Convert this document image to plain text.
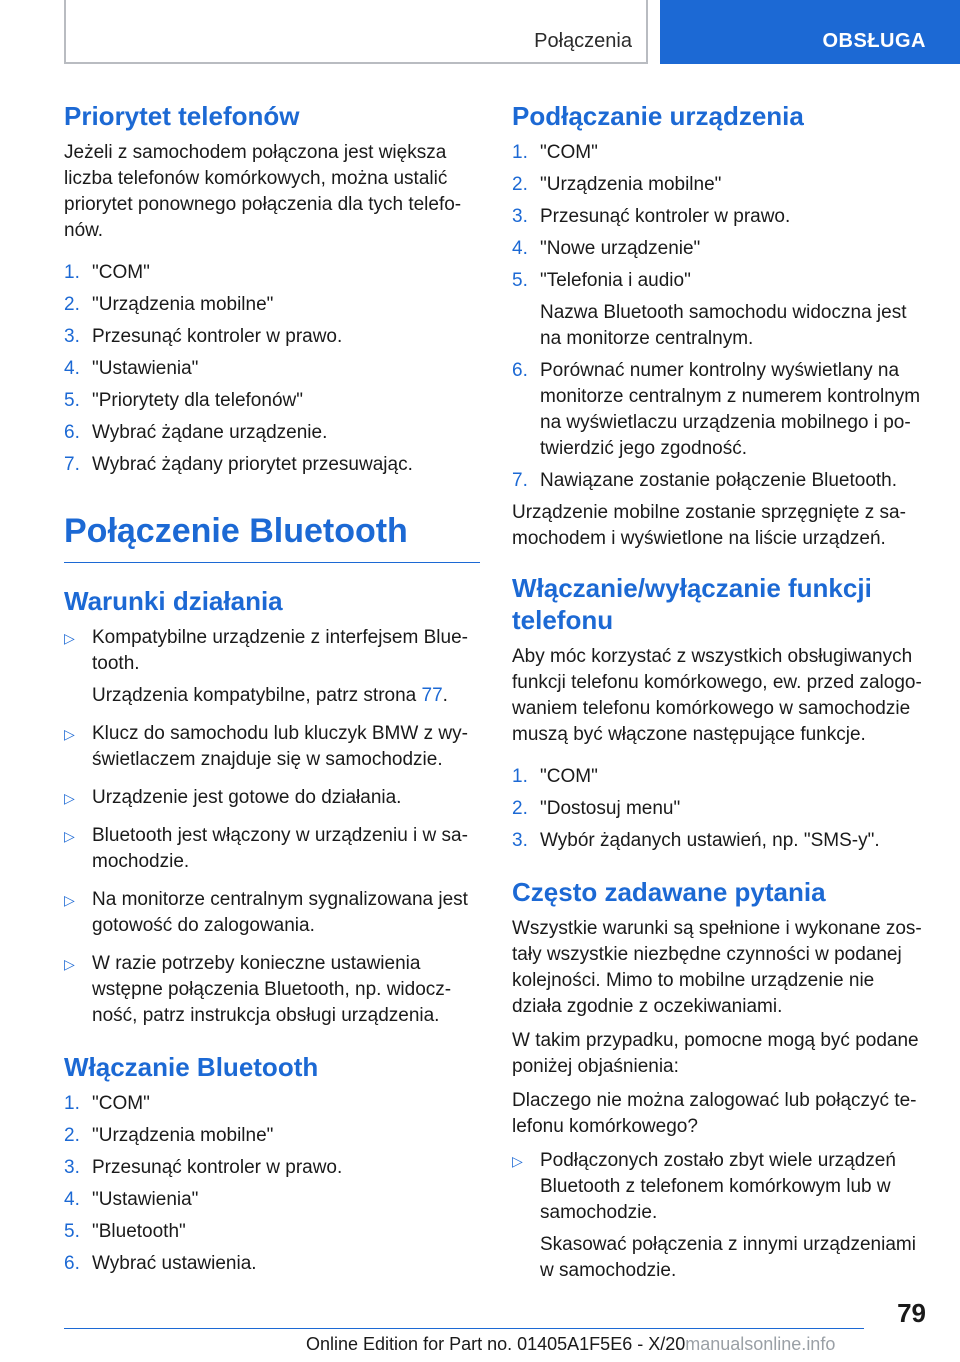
Połączenia	OBSŁUGA
Priorytet telefonów

Jeżeli z samochodem połączona jest większa liczba telefonów komórkowych, można ustalić priorytet ponownego połączenia dla tych telefo-nów.

1. "COM"
2. "Urządzenia mobilne"
3. Przesunąć kontroler w prawo.
4. "Ustawienia"
5. "Priorytety dla telefonów"
6. Wybrać żądane urządzenie.
7. Wybrać żądany priorytet przesuwając.
Połączenie Bluetooth
Warunki działania
▷ Kompatybilne urządzenie z interfejsem Blue-tooth.
Urządzenia kompatybilne, patrz strona 77.
▷ Klucz do samochodu lub kluczyk BMW z wy-świetlaczem znajduje się w samochodzie.
▷ Urządzenie jest gotowe do działania.
▷ Bluetooth jest włączony w urządzeniu i w sa-mochodzie.
▷ Na monitorze centralnym sygnalizowana jest gotowość do zalogowania.
▷ W razie potrzeby konieczne ustawienia wstępne połączenia Bluetooth, np. widocz-ność, patrz instrukcja obsługi urządzenia.
Włączanie Bluetooth
1. "COM"
2. "Urządzenia mobilne"
3. Przesunąć kontroler w prawo.
4. "Ustawienia"
5. "Bluetooth"
6. Wybrać ustawienia.
Podłączanie urządzenia
1. "COM"
2. "Urządzenia mobilne"
3. Przesunąć kontroler w prawo.
4. "Nowe urządzenie"
5. "Telefonia i audio"
Nazwa Bluetooth samochodu widoczna jest na monitorze centralnym.
6. Porównać numer kontrolny wyświetlany na monitorze centralnym z numerem kontrolnym na wyświetlaczu urządzenia mobilnego i po-twierdzić jego zgodność.
7. Nawiązane zostanie połączenie Bluetooth.

Urządzenie mobilne zostanie sprzęgnięte z sa-mochodem i wyświetlone na liście urządzeń.

Włączanie/wyłączanie funkcji telefonu

Aby móc korzystać z wszystkich obsługiwanych funkcji telefonu komórkowego, ew. przed zalogo-waniem telefonu komórkowego w samochodzie muszą być włączone następujące funkcje.

1. "COM"
2. "Dostosuj menu"
3. Wybór żądanych ustawień, np. "SMS-y".
Często zadawane pytania

Wszystkie warunki są spełnione i wykonane zos-tały wszystkie niezbędne czynności w podanej kolejności. Mimo to mobilne urządzenie nie działa zgodnie z oczekiwaniami.

W takim przypadku, pomocne mogą być podane poniżej objaśnienia:

Dlaczego nie można zalogować lub połączyć te-lefonu komórkowego?

▷ Podłączonych zostało zbyt wiele urządzeń Bluetooth z telefonem komórkowym lub w samochodzie.
Skasować połączenia z innymi urządzeniami w samochodzie.
79
Online Edition for Part no. 01405A1F5E6 - X/20manualsonline.info
